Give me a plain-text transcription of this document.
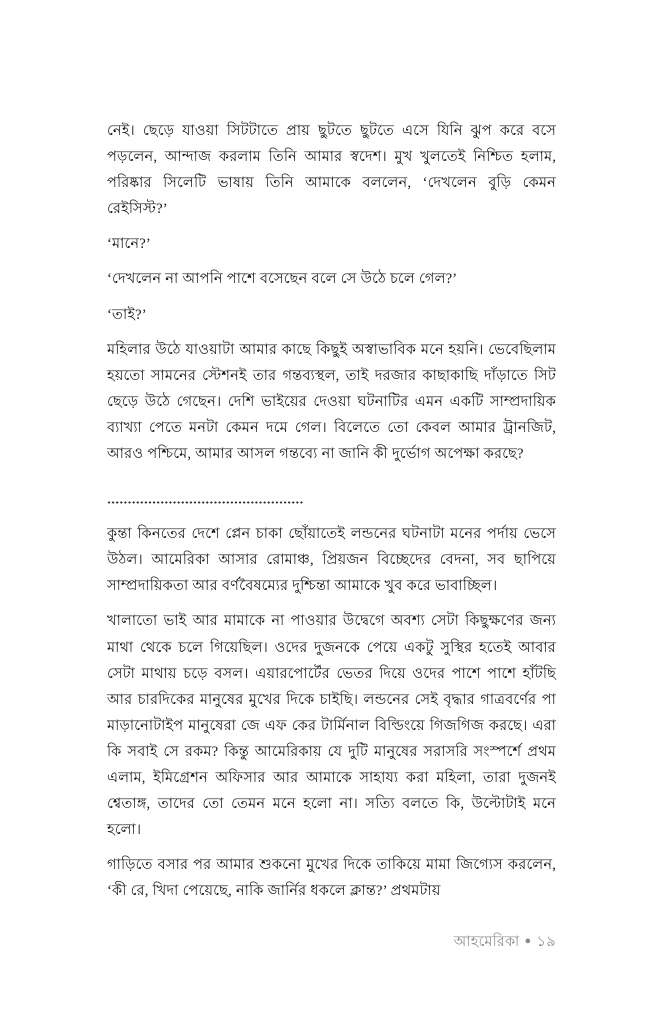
নেই। ছেড়ে যাওয়া সিটটাতে প্রায় ছুটতে ছুটতে এসে যিনি ঝুপ করে বসে পড়লেন, আন্দাজ করলাম তিনি আমার স্বদেশ। মুখ খুলতেই নিশ্চিত হলাম, পরিষ্কার সিলেটি ভাষায় তিনি আমাকে বললেন, ‘দেখলেন বুড়ি কেমন রেইসিস্ট?’

‘মানে?’

‘দেখলেন না আপনি পাশে বসেছেন বলে সে উঠে চলে গেল?’

‘তাই?’

মহিলার উঠে যাওয়াটা আমার কাছে কিছুই অস্বাভাবিক মনে হয়নি। ভেবেছিলাম হয়তো সামনের স্টেশনই তার গন্তব্যস্থল, তাই দরজার কাছাকাছি দাঁড়াতে সিট ছেড়ে উঠে গেছেন। দেশি ভাইয়ের দেওয়া ঘটনাটির এমন একটি সাম্প্রদায়িক ব্যাখ্যা পেতে মনটা কেমন দমে গেল। বিলেতে তো কেবল আমার ট্রানজিট, আরও পশ্চিমে, আমার আসল গন্তব্যে না জানি কী দুর্ভোগ অপেক্ষা করছে?

কুন্তা কিনতের দেশে প্লেন চাকা ছোঁয়াতেই লন্ডনের ঘটনাটা মনের পর্দায় ভেসে উঠল। আমেরিকা আসার রোমাঞ্চ, প্রিয়জন বিচ্ছেদের বেদনা, সব ছাপিয়ে সাম্প্রদায়িকতা আর বর্ণবৈষম্যের দুশ্চিন্তা আমাকে খুব করে ভাবাচ্ছিল।

খালাতো ভাই আর মামাকে না পাওয়ার উদ্বেগে অবশ্য সেটা কিছুক্ষণের জন্য মাথা থেকে চলে গিয়েছিল। ওদের দুজনকে পেয়ে একটু সুস্থির হতেই আবার সেটা মাথায় চড়ে বসল। এয়ারপোর্টের ভেতর দিয়ে ওদের পাশে পাশে হাঁটছি আর চারদিকের মানুষের মুখের দিকে চাইছি। লন্ডনের সেই বৃদ্ধার গাত্রবর্ণের পা মাড়ানোটাইপ মানুষেরা জে এফ কের টার্মিনাল বিল্ডিংয়ে গিজগিজ করছে। এরা কি সবাই সে রকম? কিন্তু আমেরিকায় যে দুটি মানুষের সরাসরি সংস্পর্শে প্রথম এলাম, ইমিগ্রেশন অফিসার আর আমাকে সাহায্য করা মহিলা, তারা দুজনই শ্বেতাঙ্গ, তাদের তো তেমন মনে হলো না। সত্যি বলতে কি, উল্টোটাই মনে হলো।

গাড়িতে বসার পর আমার শুকনো মুখের দিকে তাকিয়ে মামা জিগ্যেস করলেন, ‘কী রে, খিদা পেয়েছে, নাকি জার্নির ধকলে ক্লান্ত?’ প্রথমটায়

আহমেরিকা ● ১৯
